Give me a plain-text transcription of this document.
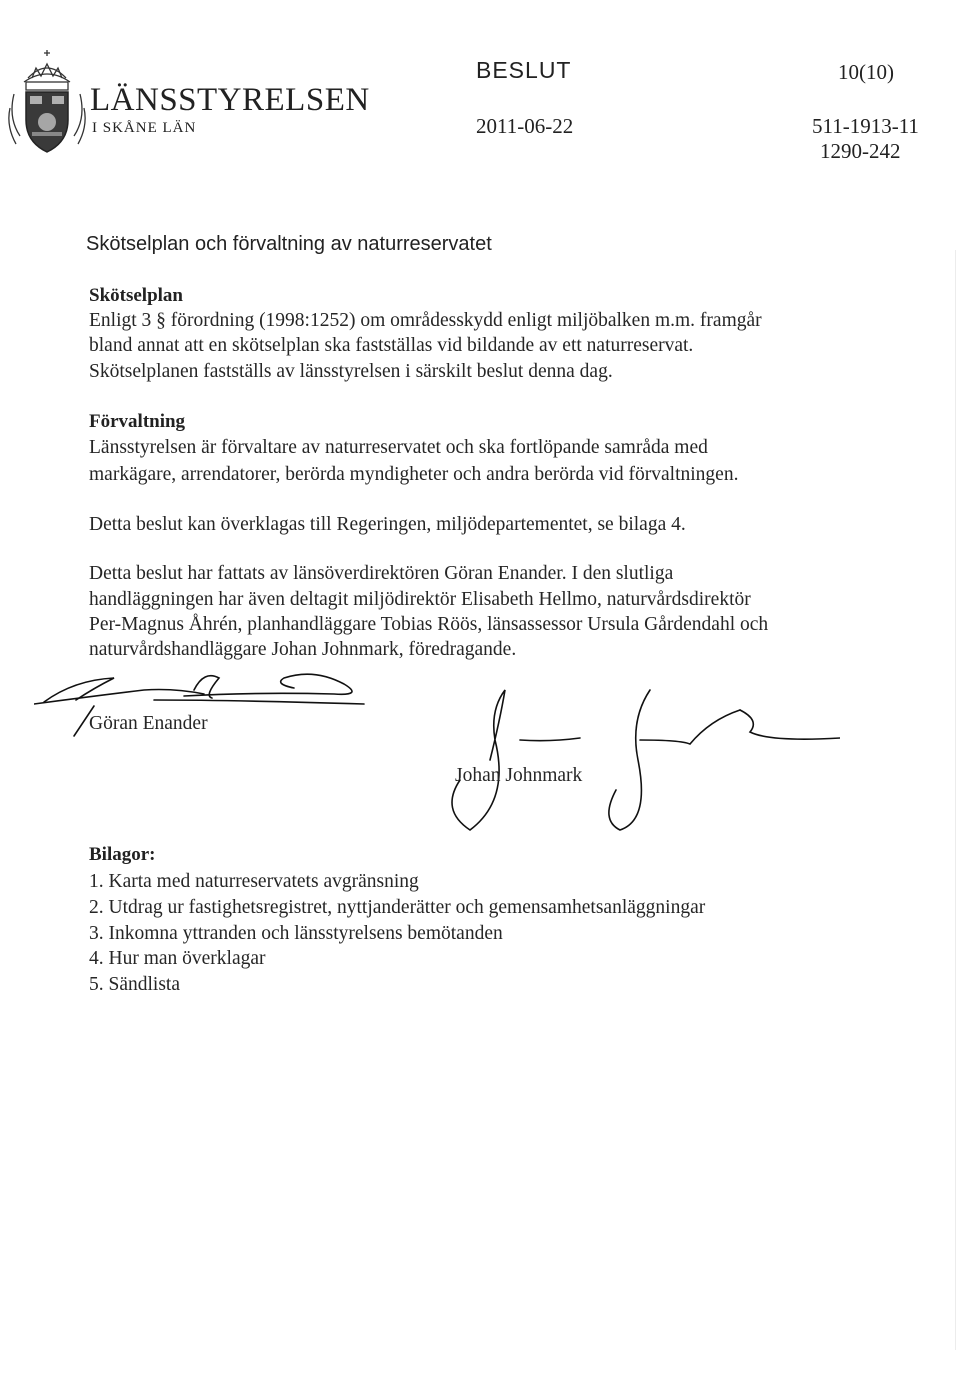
LÄNSSTYRELSEN
I SKÅNE LÄN
BESLUT	10(10)
2011-06-22	511-1913-11
1290-242
Skötselplan och förvaltning av naturreservatet
Skötselplan
Enligt 3 § förordning (1998:1252) om områdesskydd enligt miljöbalken m.m. framgår
bland annat att en skötselplan ska fastställas vid bildande av ett naturreservat.
Skötselplanen fastställs av länsstyrelsen i särskilt beslut denna dag.
Förvaltning
Länsstyrelsen är förvaltare av naturreservatet och ska fortlöpande samråda med
markägare, arrendatorer, berörda myndigheter och andra berörda vid förvaltningen.
Detta beslut kan överklagas till Regeringen, miljödepartementet, se bilaga 4.
Detta beslut har fattats av länsöverdirektören Göran Enander. I den slutliga
handläggningen har även deltagit miljödirektör Elisabeth Hellmo, naturvårdsdirektör
Per-Magnus Åhrén, planhandläggare Tobias Röös, länsassessor Ursula Gårdendahl och
naturvårdshandläggare Johan Johnmark, föredragande.
Göran Enander
Johan Johnmark
Bilagor:
1. Karta med naturreservatets avgränsning
2. Utdrag ur fastighetsregistret, nyttjanderätter och gemensamhetsanläggningar
3. Inkomna yttranden och länsstyrelsens bemötanden
4. Hur man överklagar
5. Sändlista
